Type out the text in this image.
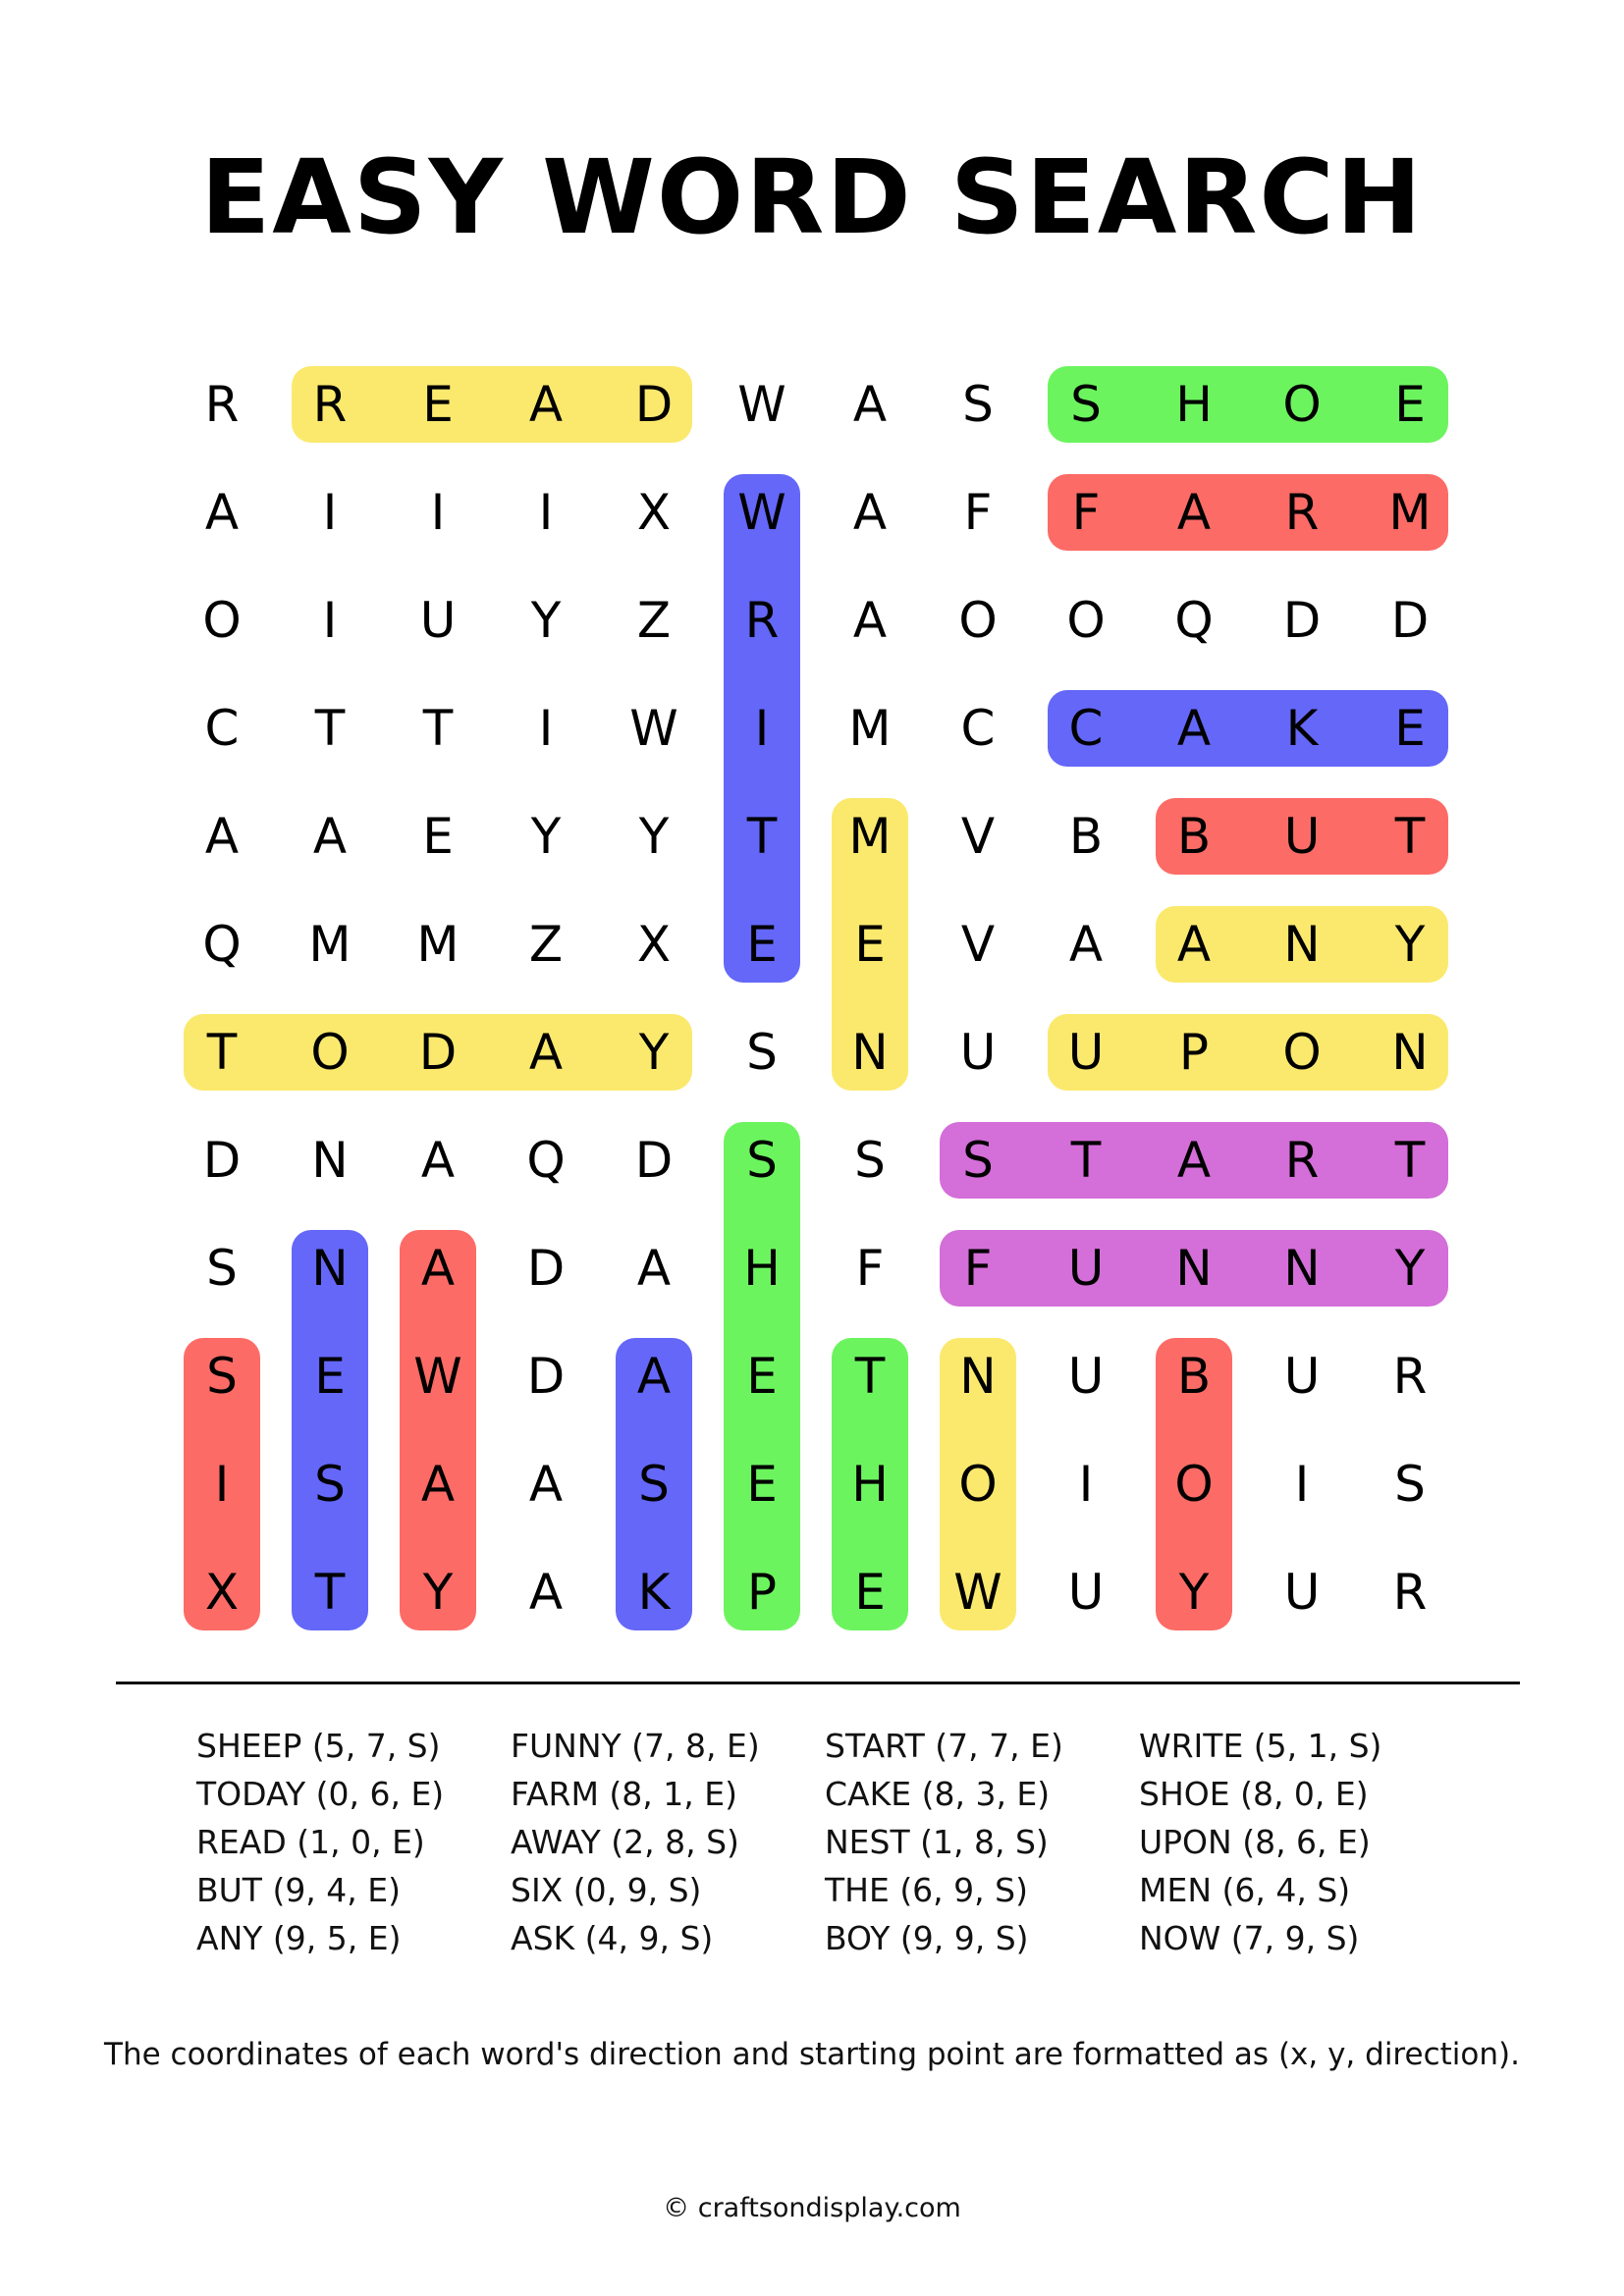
EASY WORD SEARCH
R	R	E	A	D	W	A	S	S	H	O	E
A	I	I	I	X	W	A	F	F	A	R	M
O	I	U	Y	Z	R	A	O	O	Q	D	D
C	T	T	I	W	I	M	C	C	A	K	E
A	A	E	Y	Y	T	M	V	B	B	U	T
Q	M	M	Z	X	E	E	V	A	A	N	Y
T	O	D	A	Y	S	N	U	U	P	O	N
D	N	A	Q	D	S	S	S	T	A	R	T
S	N	A	D	A	H	F	F	U	N	N	Y
S	E	W	D	A	E	T	N	U	B	U	R
I	S	A	A	S	E	H	O	I	O	I	S
X	T	Y	A	K	P	E	W	U	Y	U	R
SHEEP (5, 7, S)
TODAY (0, 6, E)
READ (1, 0, E)
BUT (9, 4, E)
ANY (9, 5, E)
FUNNY (7, 8, E)
FARM (8, 1, E)
AWAY (2, 8, S)
SIX (0, 9, S)
ASK (4, 9, S)
START (7, 7, E)
CAKE (8, 3, E)
NEST (1, 8, S)
THE (6, 9, S)
BOY (9, 9, S)
WRITE (5, 1, S)
SHOE (8, 0, E)
UPON (8, 6, E)
MEN (6, 4, S)
NOW (7, 9, S)
The coordinates of each word's direction and starting point are formatted as (x, y, direction).
© craftsondisplay.com
